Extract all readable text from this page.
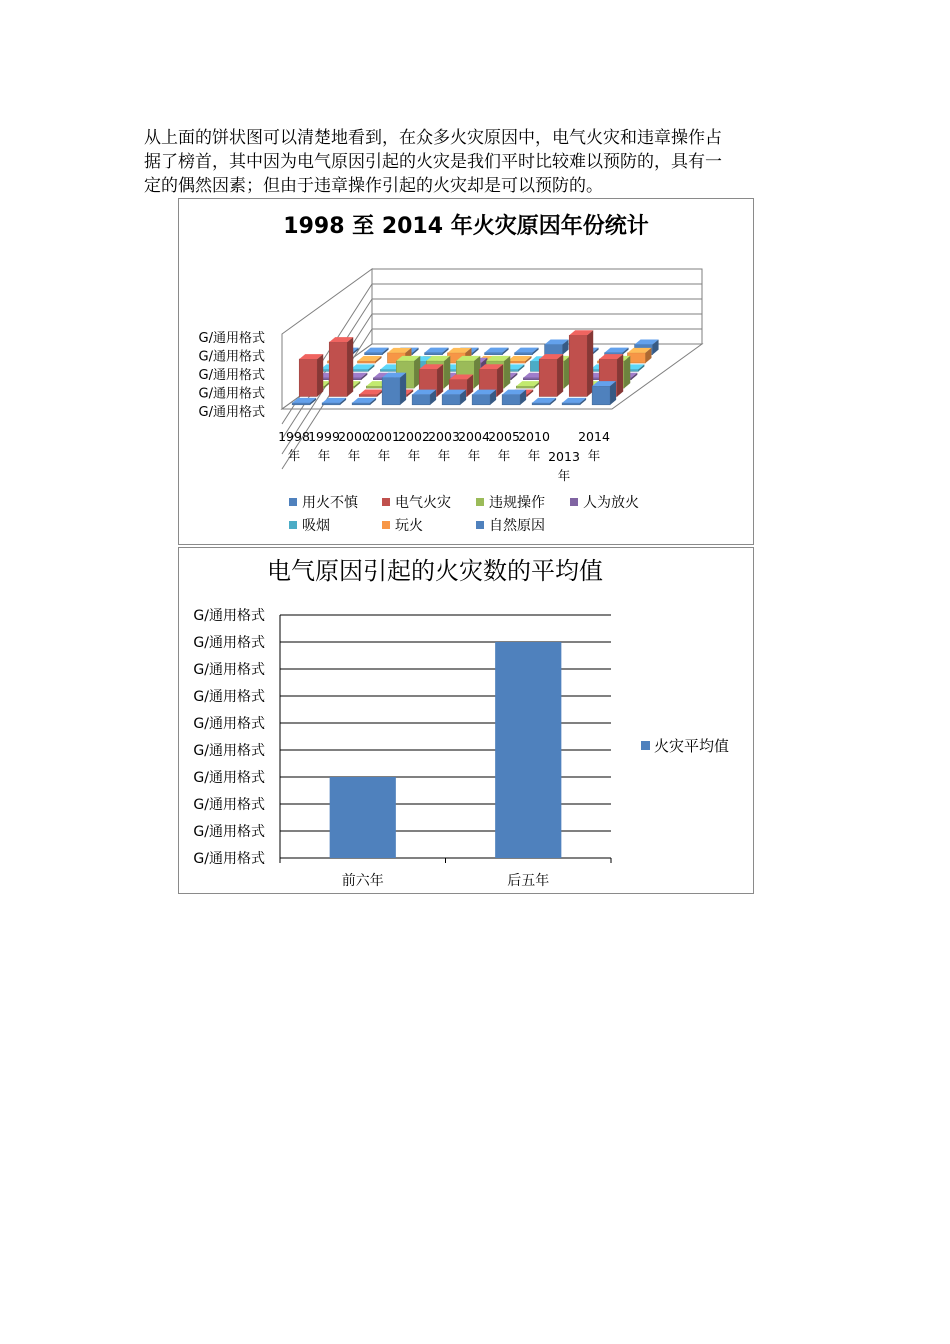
从上面的饼状图可以清楚地看到，在众多火灾原因中，电气火灾和违章操作占
据了榜首，其中因为电气原因引起的火灾是我们平时比较难以预防的，具有一
定的偶然因素；但由于违章操作引起的火灾却是可以预防的。
1998 至 2014 年火灾原因年份统计
G/通用格式
G/通用格式
G/通用格式
G/通用格式
G/通用格式
1998
年
1999
年
2000
年
2001
年
2002
年
2003
年
2004
年
2005
年
2010
年 2013
年
2014
年
用火不慎	电气火灾	违规操作	人为放火
吸烟	玩火	自然原因
电气原因引起的火灾数的平均值
G/通用格式
G/通用格式
G/通用格式
G/通用格式
G/通用格式
G/通用格式
G/通用格式
G/通用格式
G/通用格式
G/通用格式
前六年	后五年
火灾平均值
